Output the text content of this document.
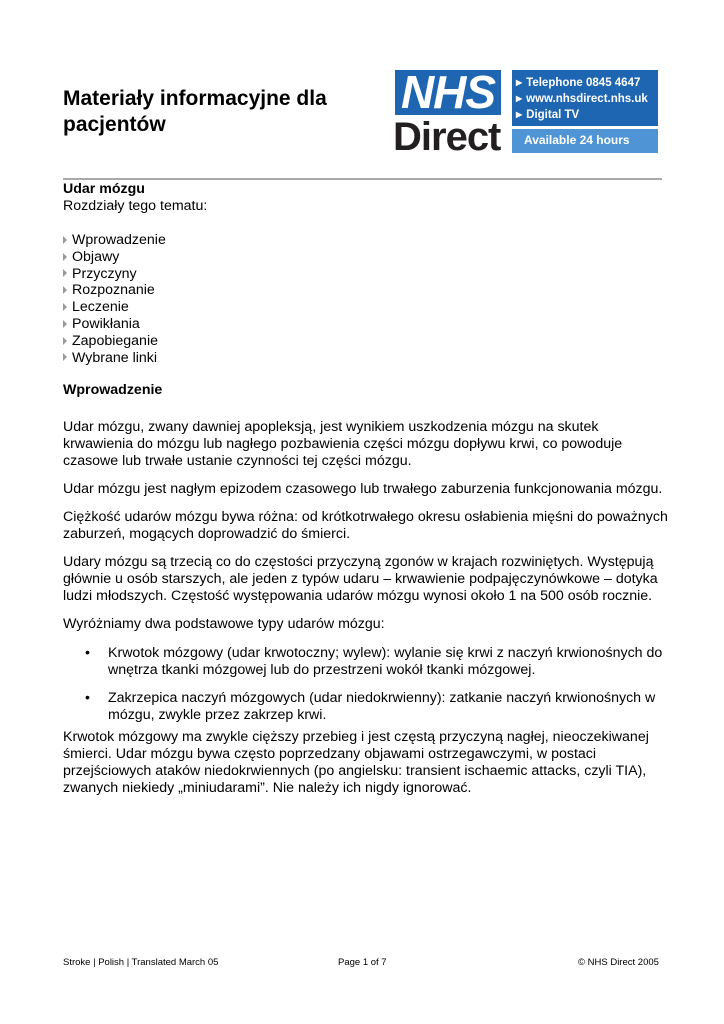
Materiały informacyjne dla pacjentów
NHS
Direct
▶ Telephone 0845 4647
▶ www.nhsdirect.nhs.uk
▶ Digital TV
Available 24 hours
Udar mózgu
Rozdziały tego tematu:
Wprowadzenie
Objawy
Przyczyny
Rozpoznanie
Leczenie
Powikłania
Zapobieganie
Wybrane linki
Wprowadzenie

Udar mózgu, zwany dawniej apopleksją, jest wynikiem uszkodzenia mózgu na skutek krwawienia do mózgu lub nagłego pozbawienia części mózgu dopływu krwi, co powoduje czasowe lub trwałe ustanie czynności tej części mózgu.

Udar mózgu jest nagłym epizodem czasowego lub trwałego zaburzenia funkcjonowania mózgu.

Ciężkość udarów mózgu bywa różna: od krótkotrwałego okresu osłabienia mięśni do poważnych zaburzeń, mogących doprowadzić do śmierci.

Udary mózgu są trzecią co do częstości przyczyną zgonów w krajach rozwiniętych. Występują głównie u osób starszych, ale jeden z typów udaru – krwawienie podpajęczynówkowe – dotyka ludzi młodszych. Częstość występowania udarów mózgu wynosi około 1 na 500 osób rocznie.

Wyróżniamy dwa podstawowe typy udarów mózgu:

• Krwotok mózgowy (udar krwotoczny; wylew): wylanie się krwi z naczyń krwionośnych do wnętrza tkanki mózgowej lub do przestrzeni wokół tkanki mózgowej.
• Zakrzepica naczyń mózgowych (udar niedokrwienny): zatkanie naczyń krwionośnych w mózgu, zwykle przez zakrzep krwi.

Krwotok mózgowy ma zwykle cięższy przebieg i jest częstą przyczyną nagłej, nieoczekiwanej śmierci. Udar mózgu bywa często poprzedzany objawami ostrzegawczymi, w postaci przejściowych ataków niedokrwiennych (po angielsku: transient ischaemic attacks, czyli TIA), zwanych niekiedy „miniudarami”. Nie należy ich nigdy ignorować.

Stroke | Polish | Translated March 05	Page 1 of 7	© NHS Direct 2005
